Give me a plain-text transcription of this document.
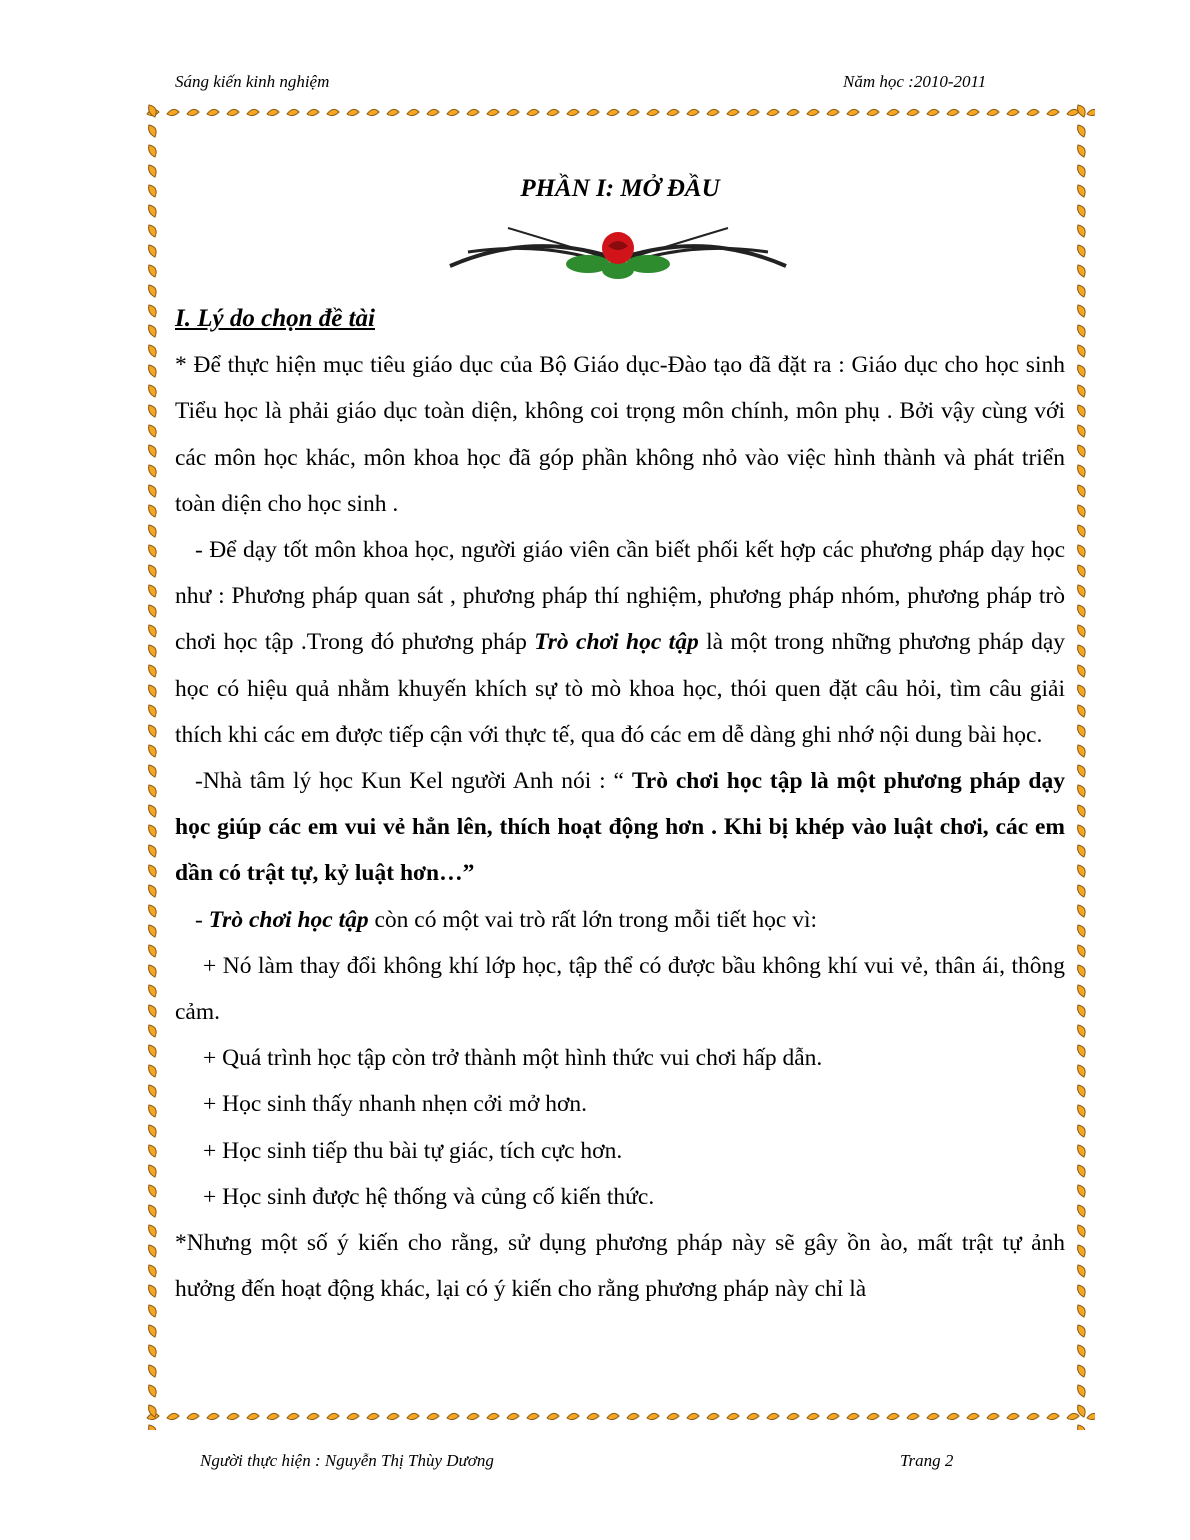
Sáng kiến kinh nghiệm	Năm học :2010-2011
PHẦN I: MỞ ĐẦU

I. Lý do chọn đề tài

* Để thực hiện mục tiêu giáo dục của Bộ Giáo dục-Đào tạo đã đặt ra : Giáo dục cho học sinh Tiểu học là phải giáo dục toàn diện, không coi trọng môn chính, môn phụ . Bởi vậy cùng với các môn học khác, môn khoa học đã góp phần không nhỏ vào việc hình thành và phát triển toàn diện cho học sinh .

- Để dạy tốt môn khoa học, người giáo viên cần biết phối kết hợp các phương pháp dạy học như : Phương pháp quan sát , phương pháp thí nghiệm, phương pháp nhóm, phương pháp trò chơi học tập .Trong đó phương pháp Trò chơi học tập là một trong những phương pháp dạy học có hiệu quả nhằm khuyến khích sự tò mò khoa học, thói quen đặt câu hỏi, tìm câu giải thích khi các em được tiếp cận với thực tế, qua đó các em dễ dàng ghi nhớ nội dung bài học.

-Nhà tâm lý học Kun Kel người Anh nói : “ Trò chơi học tập là một phương pháp dạy học giúp các em vui vẻ hẳn lên, thích hoạt động hơn . Khi bị khép vào luật chơi, các em dần có trật tự, kỷ luật hơn…”

- Trò chơi học tập còn có một vai trò rất lớn trong mỗi tiết học vì:

+ Nó làm thay đổi không khí lớp học, tập thể có được bầu không khí vui vẻ, thân ái, thông cảm.

+ Quá trình học tập còn trở thành một hình thức vui chơi hấp dẫn.

+ Học sinh thấy nhanh nhẹn cởi mở hơn.

+ Học sinh tiếp thu bài tự giác, tích cực hơn.

+ Học sinh được hệ thống và củng cố kiến thức.

*Nhưng một số ý kiến cho rằng, sử dụng phương pháp này sẽ gây ồn ào, mất trật tự ảnh hưởng đến hoạt động khác, lại có ý kiến cho rằng phương pháp này chỉ là

Người thực hiện : Nguyễn Thị Thùy Dương	Trang 2
